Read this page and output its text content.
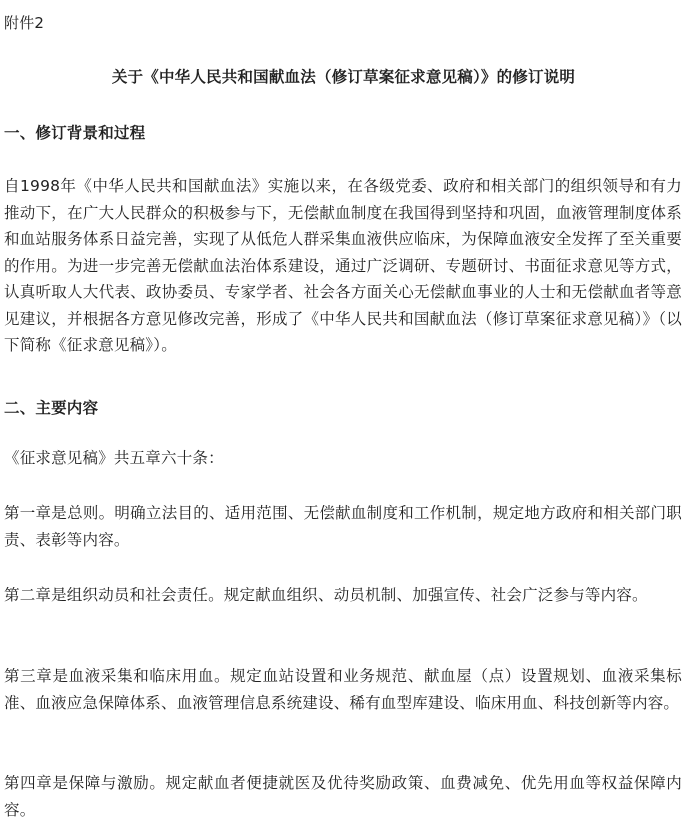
附件2
关于《中华人民共和国献血法（修订草案征求意见稿）》的修订说明
一、修订背景和过程

自1998年《中华人民共和国献血法》实施以来，在各级党委、政府和相关部门的组织领导和有力推动下，在广大人民群众的积极参与下，无偿献血制度在我国得到坚持和巩固，血液管理制度体系和血站服务体系日益完善，实现了从低危人群采集血液供应临床，为保障血液安全发挥了至关重要的作用。为进一步完善无偿献血法治体系建设，通过广泛调研、专题研讨、书面征求意见等方式，认真听取人大代表、政协委员、专家学者、社会各方面关心无偿献血事业的人士和无偿献血者等意见建议，并根据各方意见修改完善，形成了《中华人民共和国献血法（修订草案征求意见稿）》（以下简称《征求意见稿》）。

二、主要内容

《征求意见稿》共五章六十条：

第一章是总则。明确立法目的、适用范围、无偿献血制度和工作机制，规定地方政府和相关部门职责、表彰等内容。

第二章是组织动员和社会责任。规定献血组织、动员机制、加强宣传、社会广泛参与等内容。

第三章是血液采集和临床用血。规定血站设置和业务规范、献血屋（点）设置规划、血液采集标准、血液应急保障体系、血液管理信息系统建设、稀有血型库建设、临床用血、科技创新等内容。

第四章是保障与激励。规定献血者便捷就医及优待奖励政策、血费减免、优先用血等权益保障内容。
